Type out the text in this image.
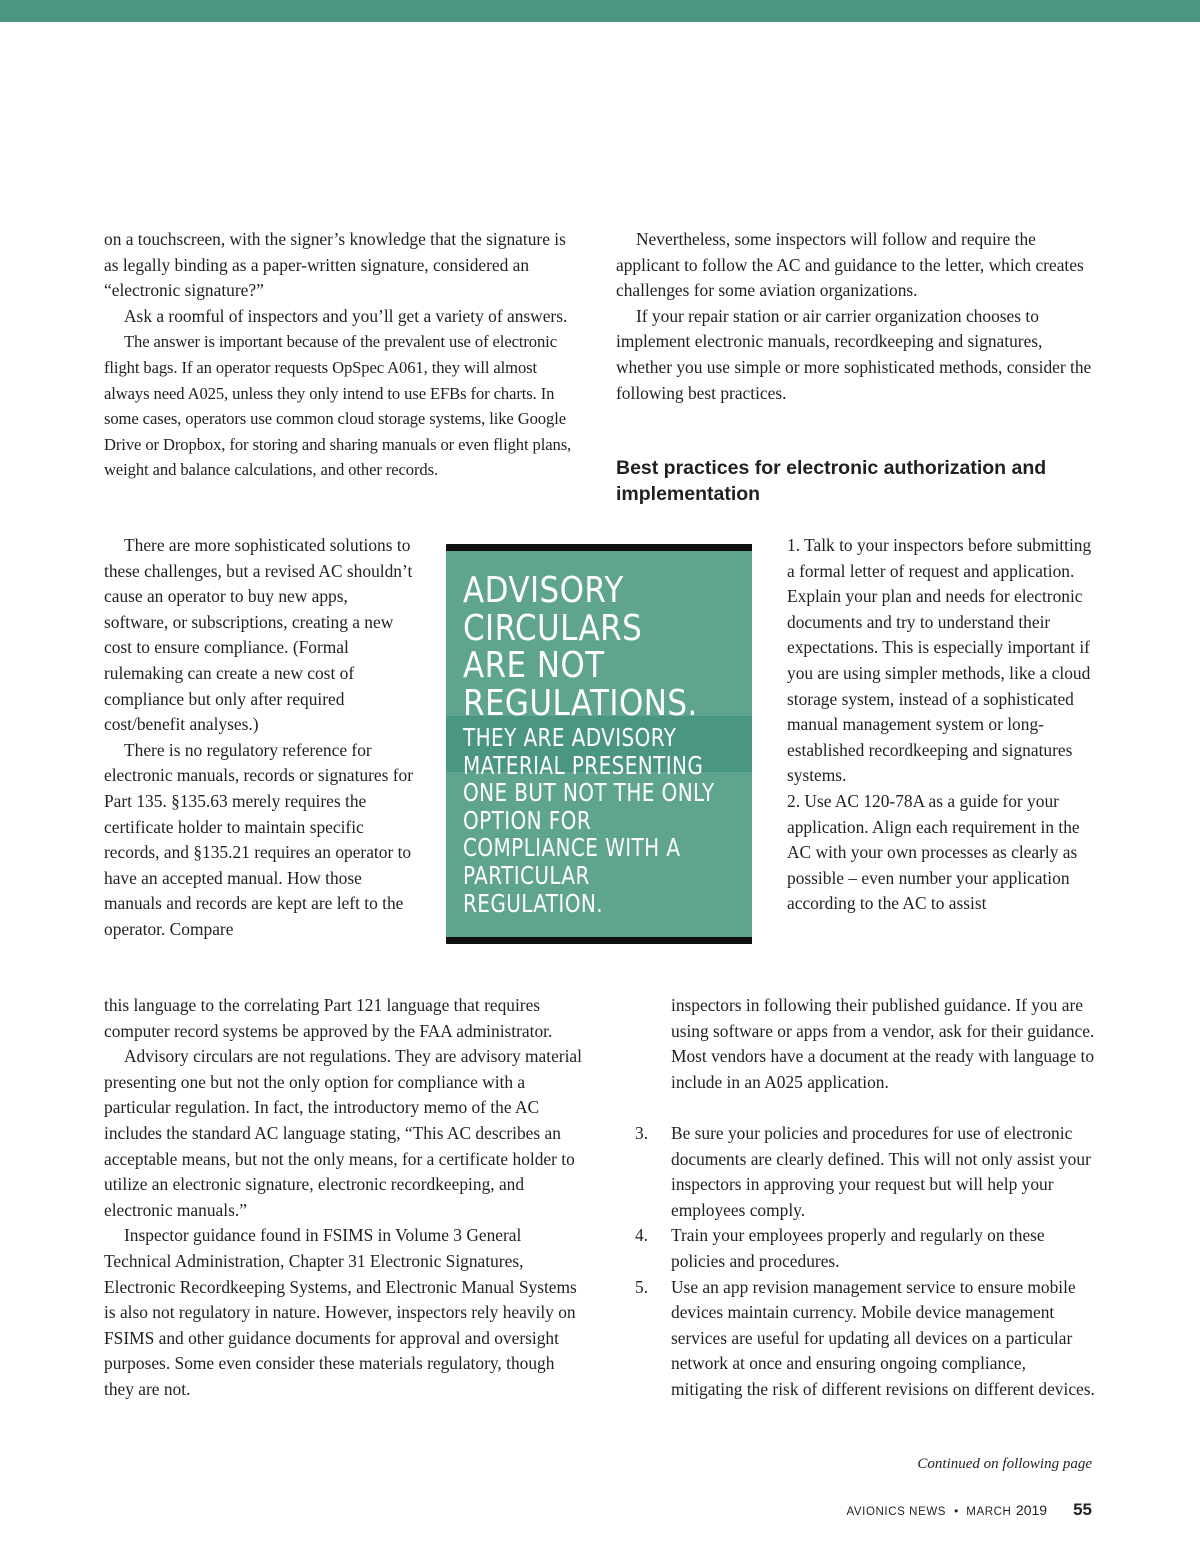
on a touchscreen, with the signer’s knowledge that the signature is as legally binding as a paper-written signature, considered an “electronic signature?”

Ask a roomful of inspectors and you’ll get a variety of answers.

The answer is important because of the prevalent use of electronic flight bags. If an operator requests OpSpec A061, they will almost always need A025, unless they only intend to use EFBs for charts. In some cases, operators use common cloud storage systems, like Google Drive or Dropbox, for storing and sharing manuals or even flight plans, weight and balance calculations, and other records.

There are more sophisticated solutions to these challenges, but a revised AC shouldn’t cause an operator to buy new apps, software, or subscriptions, creating a new cost to ensure compliance. (Formal rulemaking can create a new cost of compliance but only after required cost/benefit analyses.)

There is no regulatory reference for electronic manuals, records or signatures for Part 135. §135.63 merely requires the certificate holder to maintain specific records, and §135.21 requires an operator to have an accepted manual. How those manuals and records are kept are left to the operator. Compare

this language to the correlating Part 121 language that requires computer record systems be approved by the FAA administrator.

Advisory circulars are not regulations. They are advisory material presenting one but not the only option for compliance with a particular regulation. In fact, the introductory memo of the AC includes the standard AC language stating, “This AC describes an acceptable means, but not the only means, for a certificate holder to utilize an electronic signature, electronic recordkeeping, and electronic manuals.”

Inspector guidance found in FSIMS in Volume 3 General Technical Administration, Chapter 31 Electronic Signatures, Electronic Recordkeeping Systems, and Electronic Manual Systems is also not regulatory in nature. However, inspectors rely heavily on FSIMS and other guidance documents for approval and oversight purposes. Some even consider these materials regulatory, though they are not.

Nevertheless, some inspectors will follow and require the applicant to follow the AC and guidance to the letter, which creates challenges for some aviation organizations.

If your repair station or air carrier organization chooses to implement electronic manuals, recordkeeping and signatures, whether you use simple or more sophisticated methods, consider the following best practices.

Best practices for electronic authorization and implementation

1. Talk to your inspectors before submitting a formal letter of request and application. Explain your plan and needs for electronic documents and try to understand their expectations. This is especially important if you are using simpler methods, like a cloud storage system, instead of a sophisticated manual management system or long-established recordkeeping and signatures systems.

2. Use AC 120-78A as a guide for your application. Align each requirement in the AC with your own processes as clearly as possible – even number your application according to the AC to assist

inspectors in following their published guidance. If you are using software or apps from a vendor, ask for their guidance. Most vendors have a document at the ready with language to include in an A025 application.

3. Be sure your policies and procedures for use of electronic documents are clearly defined. This will not only assist your inspectors in approving your request but will help your employees comply.
4. Train your employees properly and regularly on these policies and procedures.
5. Use an app revision management service to ensure mobile devices maintain currency. Mobile device management services are useful for updating all devices on a particular network at once and ensuring ongoing compliance, mitigating the risk of different revisions on different devices.

ADVISORY CIRCULARS ARE NOT REGULATIONS.

THEY ARE ADVISORY MATERIAL PRESENTING ONE BUT NOT THE ONLY OPTION FOR COMPLIANCE WITH A PARTICULAR REGULATION.

Continued on following page
AVIONICS NEWS • MARCH 2019 55
